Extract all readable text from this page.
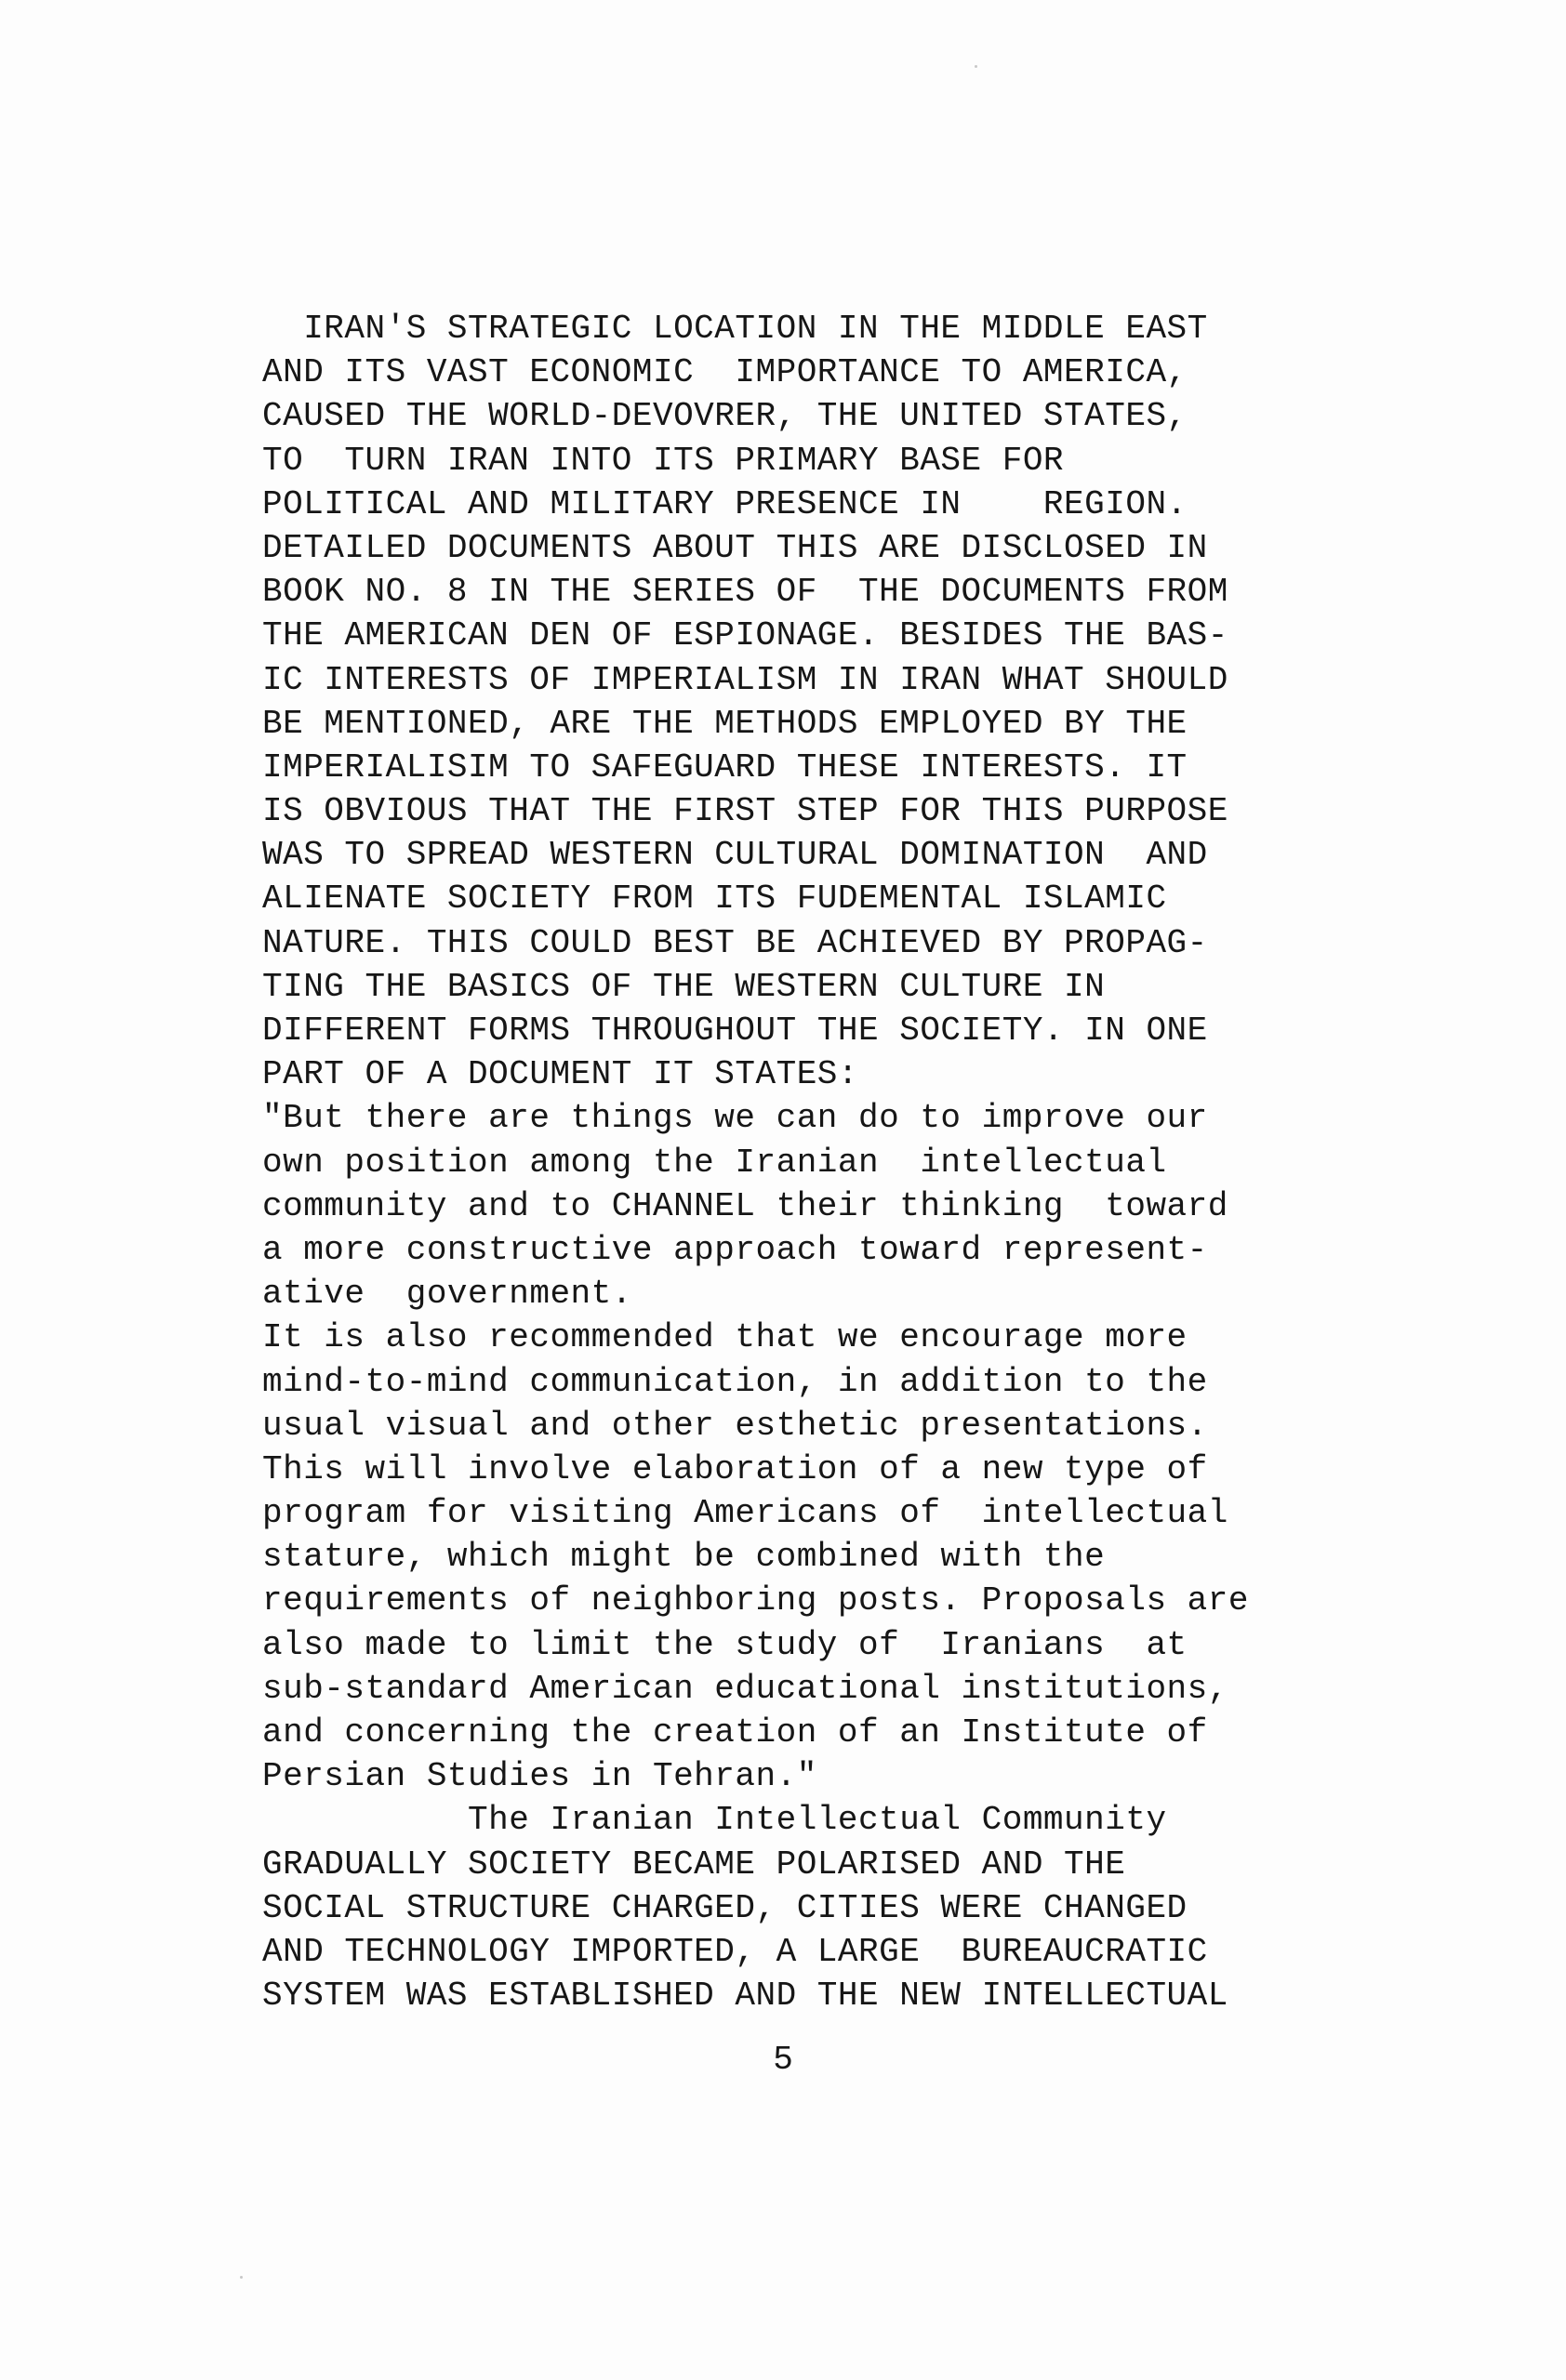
IRAN'S STRATEGIC LOCATION IN THE MIDDLE EAST
AND ITS VAST ECONOMIC  IMPORTANCE TO AMERICA,
CAUSED THE WORLD-DEVOVRER, THE UNITED STATES,
TO  TURN IRAN INTO ITS PRIMARY BASE FOR
POLITICAL AND MILITARY PRESENCE IN    REGION.
DETAILED DOCUMENTS ABOUT THIS ARE DISCLOSED IN
BOOK NO. 8 IN THE SERIES OF  THE DOCUMENTS FROM
THE AMERICAN DEN OF ESPIONAGE. BESIDES THE BAS-
IC INTERESTS OF IMPERIALISM IN IRAN WHAT SHOULD
BE MENTIONED, ARE THE METHODS EMPLOYED BY THE
IMPERIALISIM TO SAFEGUARD THESE INTERESTS. IT
IS OBVIOUS THAT THE FIRST STEP FOR THIS PURPOSE
WAS TO SPREAD WESTERN CULTURAL DOMINATION  AND
ALIENATE SOCIETY FROM ITS FUDEMENTAL ISLAMIC
NATURE. THIS COULD BEST BE ACHIEVED BY PROPAG-
TING THE BASICS OF THE WESTERN CULTURE IN
DIFFERENT FORMS THROUGHOUT THE SOCIETY. IN ONE
PART OF A DOCUMENT IT STATES:
"But there are things we can do to improve our
own position among the Iranian  intellectual
community and to CHANNEL their thinking  toward
a more constructive approach toward represent-
ative  government.
It is also recommended that we encourage more
mind-to-mind communication, in addition to the
usual visual and other esthetic presentations.
This will involve elaboration of a new type of
program for visiting Americans of  intellectual
stature, which might be combined with the
requirements of neighboring posts. Proposals are
also made to limit the study of  Iranians  at
sub-standard American educational institutions,
and concerning the creation of an Institute of
Persian Studies in Tehran."
The Iranian Intellectual Community
GRADUALLY SOCIETY BECAME POLARISED AND THE
SOCIAL STRUCTURE CHARGED, CITIES WERE CHANGED
AND TECHNOLOGY IMPORTED, A LARGE  BUREAUCRATIC
SYSTEM WAS ESTABLISHED AND THE NEW INTELLECTUAL
5
